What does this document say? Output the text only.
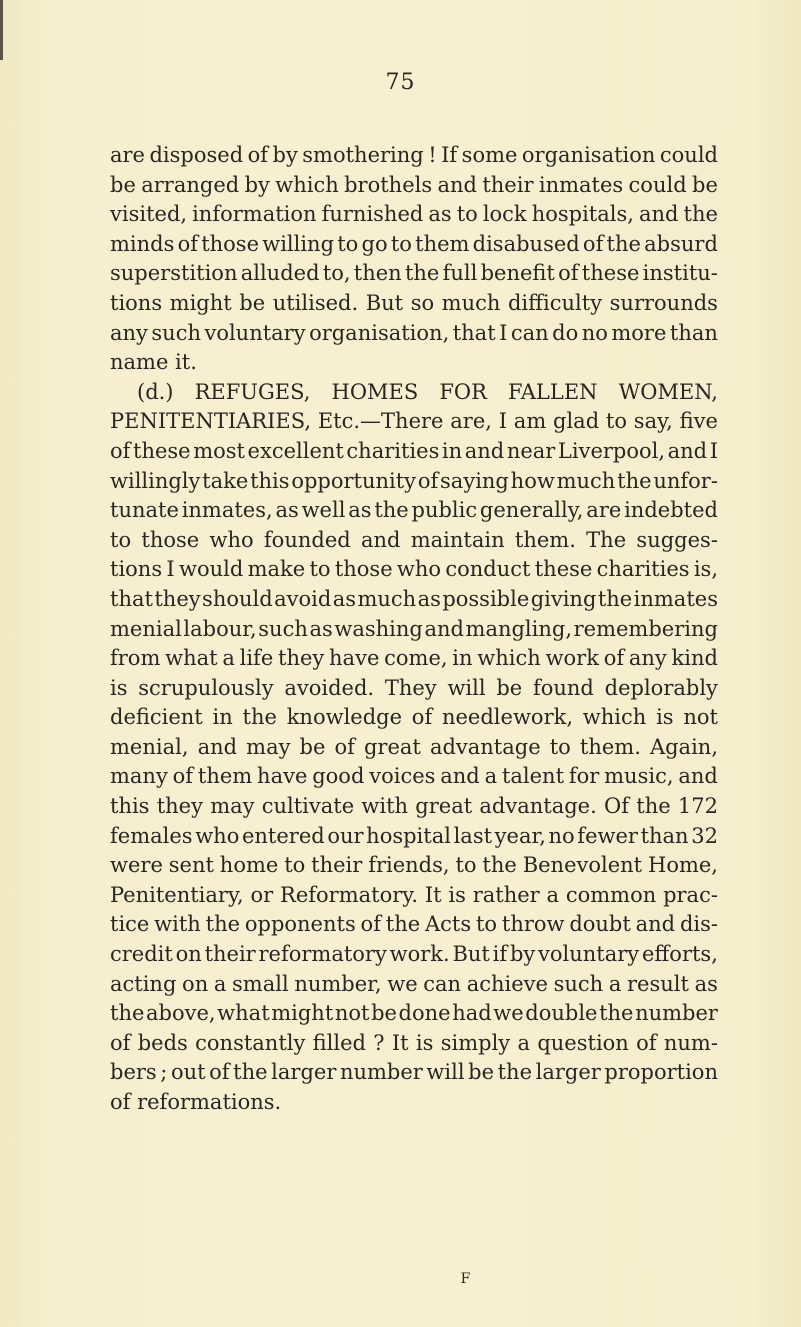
75
are disposed of by smothering ! If some organisation could
be arranged by which brothels and their inmates could be
visited, information furnished as to lock hospitals, and the
minds of those willing to go to them disabused of the absurd
superstition alluded to, then the full benefit of these institu-
tions might be utilised. But so much difficulty surrounds
any such voluntary organisation, that I can do no more than
name it.
(d.) REFUGES, HOMES FOR FALLEN WOMEN,
PENITENTIARIES, Etc.—There are, I am glad to say, five
of these most excellent charities in and near Liverpool, and I
willingly take this opportunity of saying how much the unfor-
tunate inmates, as well as the public generally, are indebted
to those who founded and maintain them. The sugges-
tions I would make to those who conduct these charities is,
that they should avoid as much as possible giving the inmates
menial labour, such as washing and mangling, remembering
from what a life they have come, in which work of any kind
is scrupulously avoided. They will be found deplorably
deficient in the knowledge of needlework, which is not
menial, and may be of great advantage to them. Again,
many of them have good voices and a talent for music, and
this they may cultivate with great advantage. Of the 172
females who entered our hospital last year, no fewer than 32
were sent home to their friends, to the Benevolent Home,
Penitentiary, or Reformatory. It is rather a common prac-
tice with the opponents of the Acts to throw doubt and dis-
credit on their reformatory work. But if by voluntary efforts,
acting on a small number, we can achieve such a result as
the above, what might not be done had we double the number
of beds constantly filled ? It is simply a question of num-
bers ; out of the larger number will be the larger proportion
of reformations.
F
